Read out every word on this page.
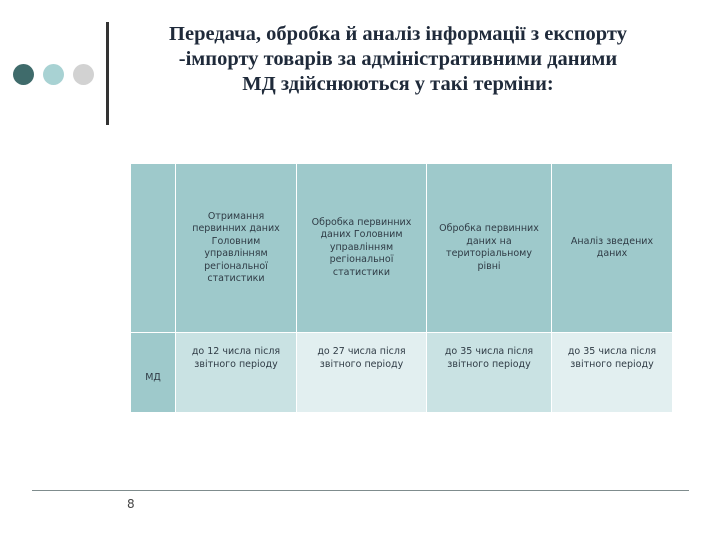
Передача, обробка й аналіз інформації з експорту
-імпорту товарів за адміністративними даними
МД здійснюються у такі терміни:
	Отримання первинних даних Головним управлінням регіональної статистики	Обробка первинних даних Головним управлінням регіональної статистики	Обробка первинних даних на територіальному рівні	Аналіз зведених даних
МД	до 12 числа після звітного періоду	до 27 числа після звітного періоду	до 35 числа після звітного періоду	до 35 числа після звітного періоду
8
